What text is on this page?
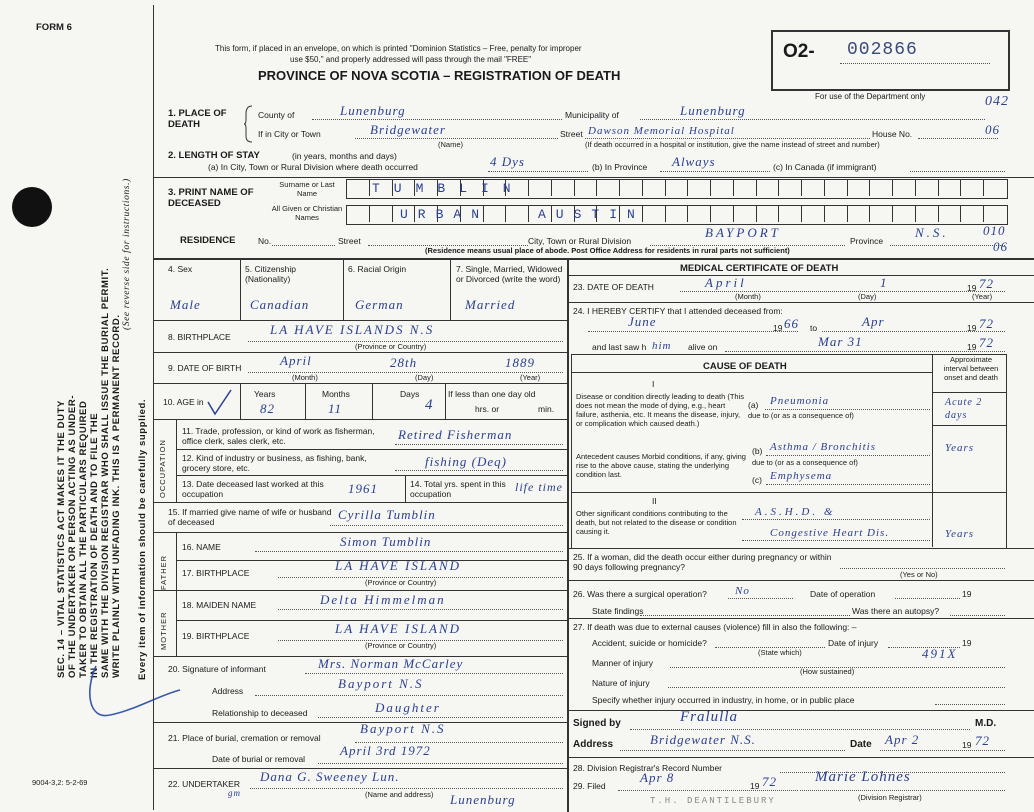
FORM 6
This form, if placed in an envelope, on which is printed "Dominion Statistics – Free, penalty for improper
use $50," and properly addressed will pass through the mail "FREE"
PROVINCE OF NOVA SCOTIA – REGISTRATION OF DEATH
O2- 002866
For use of the Department only	042
SEC. 14 – VITAL STATISTICS ACT MAKES IT THE DUTY OF THE UNDERTAKER OR PERSON ACTING AS UNDER- TAKER TO OBTAIN ALL THE PARTICULARS REQUIRED IN THE REGISTRATION OF DEATH AND TO FILE THE SAME WITH THE DIVISION REGISTRAR WHO SHALL ISSUE THE BURIAL PERMIT. WRITE PLAINLY WITH UNFADING INK. THIS IS A PERMANENT RECORD.
(See reverse side for instructions.)
Every item of information should be carefully supplied.
9004-3,2: 5-2-69
1. PLACE OF DEATH
County of	Lunenburg	Municipality of	Lunenburg
If in City or Town	Bridgewater
(Name)
Street Dawson Memorial Hospital	House No.	06
(If death occurred in a hospital or institution, give the name instead of street and number)
2. LENGTH OF STAY	(in years, months and days)
(a) In City, Town or Rural Division where death occurred	4 Dys	(b) In Province Always	(c) In Canada (if immigrant)
3. PRINT NAME OF DECEASED
Surname or Last Name
All Given or Christian Names
TUMBLIN
URBAN	AUSTIN
RESIDENCE	No.	Street	City, Town or Rural Division
BAYPORT
Province
N.S.	010
06
(Residence means usual place of abode. Post Office Address for residents in rural parts not sufficient)
4. Sex	5. Citizenship (Nationality)
6. Racial Origin	7. Single, Married, Widowed or Divorced (write the word)
Male	Canadian	German	Married
8. BIRTHPLACE	LA HAVE ISLANDS N.S
(Province or Country)
9. DATE OF BIRTH	April	28th	1889
(Month)	(Day)	(Year)
10. AGE in
Years	Months	Days
82	11	4
If less than one day old
hrs. or	min.
OCCUPATION
11. Trade, profession, or kind of work as fisherman, office clerk, sales clerk, etc.	Retired Fisherman
12. Kind of industry or business, as fishing, bank, grocery store, etc.	fishing (Deq)
13. Date deceased last worked at this occupation	1961	14. Total yrs. spent in this occupation	life time
15. If married give name of wife or husband of deceased	Cyrilla Tumblin
FATHER
MOTHER
16. NAME	Simon Tumblin
17. BIRTHPLACE	LA HAVE ISLAND
(Province or Country)
18. MAIDEN NAME	Delta Himmelman
19. BIRTHPLACE	LA HAVE ISLAND
(Province or Country)
20. Signature of informant	Mrs. Norman McCarley
Address	Bayport N.S
Relationship to deceased	Daughter
21. Place of burial, cremation or removal
Bayport N.S
Date of burial or removal
April 3rd 1972
22. UNDERTAKER Dana G. Sweeney Lun.
gm	(Name and address) Lunenburg
MEDICAL CERTIFICATE OF DEATH
23. DATE OF DEATH	April	1	19 72
(Month)	(Day)	(Year)
24. I HEREBY CERTIFY that I attended deceased from:
June	19 66 to	Apr	19 72
and last saw h him alive on	Mar 31	19 72
CAUSE OF DEATH
Approximate interval between onset and death
I
Disease or condition directly leading to death (This does not mean the mode of dying, e.g., heart failure, asthenia, etc. It means the disease, injury, or complication which caused death.)
(a) Pneumonia
due to (or as a consequence of)
Acute 2 days
Antecedent causes Morbid conditions, if any, giving rise to the above cause, stating the underlying condition last.
(b) Asthma / Bronchitis
due to (or as a consequence of)
Years
(c) Emphysema
II
Other significant conditions contributing to the death, but not related to the disease or condition causing it.
A.S.H.D. &
Congestive Heart Dis.	Years
25. If a woman, did the death occur either during pregnancy or within 90 days following pregnancy?
(Yes or No)
26. Was there a surgical operation?	No	Date of operation	19
State findings	Was there an autopsy?
27. If death was due to external causes (violence) fill in also the following: –
Accident, suicide or homicide?
(State which)
Date of injury	19
491X
Manner of injury
(How sustained)
Nature of injury
Specify whether injury occurred in industry, in home, or in public place
Signed by	Fralulla	M.D.
Address	Bridgewater N.S.	Date Apr 2	19 72
28. Division Registrar's Record Number
29. Filed
Apr 8
19 72	Marie Lohnes
(Division Registrar)
T.H. DEANTILEBURY
